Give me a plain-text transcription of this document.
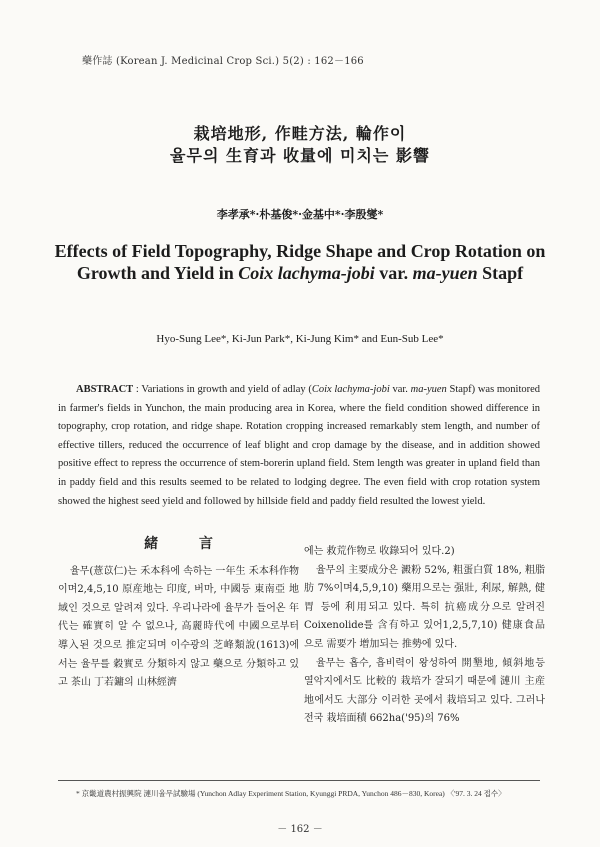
藥作誌 (Korean J. Medicinal Crop Sci.) 5(2) : 162－166
栽培地形, 作畦方法, 輪作이
율무의 生育과 收量에 미치는 影響
李孝承*·朴基俊*·金基中*·李殷燮*
Effects of Field Topography, Ridge Shape and Crop Rotation on
Growth and Yield in Coix lachyma-jobi var. ma-yuen Stapf
Hyo-Sung Lee*, Ki-Jun Park*, Ki-Jung Kim* and Eun-Sub Lee*
ABSTRACT : Variations in growth and yield of adlay (Coix lachyma-jobi var. ma-yuen Stapf) was monitored in farmer's fields in Yunchon, the main producing area in Korea, where the field condition showed difference in topography, crop rotation, and ridge shape. Rotation cropping increased remarkably stem length, and number of effective tillers, reduced the occurrence of leaf blight and crop damage by the disease, and in addition showed positive effect to repress the occurrence of stem-borerin upland field. Stem length was greater in upland field than in paddy field and this results seemed to be related to lodging degree. The even field with crop rotation system showed the highest seed yield and followed by hillside field and paddy field resulted the lowest yield.
緒 言

율무(薏苡仁)는 禾本科에 속하는 一年生 禾本科作物이며2,4,5,10 原産地는 印度, 버마, 中國등 東南亞 地域인 것으로 알려져 있다. 우리나라에 율무가 들어온 年代는 確實히 알 수 없으나, 高麗時代에 中國으로부터 導入된 것으로 推定되며 이수광의 芝峰類說(1613)에서는 율무를 穀實로 分類하지 않고 藥으로 分類하고 있고 茶山 丁若鏞의 山林經濟

에는 救荒作物로 收錄되어 있다.2)

율무의 主要成分은 澱粉 52%, 粗蛋白質 18%, 粗脂肪 7%이며4,5,9,10) 藥用으로는 强壯, 利尿, 解熱, 健胃 등에 利用되고 있다. 특히 抗癌成分으로 알려진 Coixenolide를 含有하고 있어1,2,5,7,10) 健康食品으로 需要가 增加되는 推勢에 있다.

율무는 홉수, 흡비력이 왕성하여 開墾地, 傾斜地등 열악지에서도 比較的 栽培가 잘되기 때문에 漣川 主産地에서도 大部分 이러한 곳에서 栽培되고 있다. 그러나 전국 栽培面積 662ha('95)의 76%

* 京畿道農村振興院 漣川율무試驗場 (Yunchon Adlay Experiment Station, Kyunggi PRDA, Yunchon 486－830, Korea) 〈'97. 3. 24 접수〉
－ 162 －
